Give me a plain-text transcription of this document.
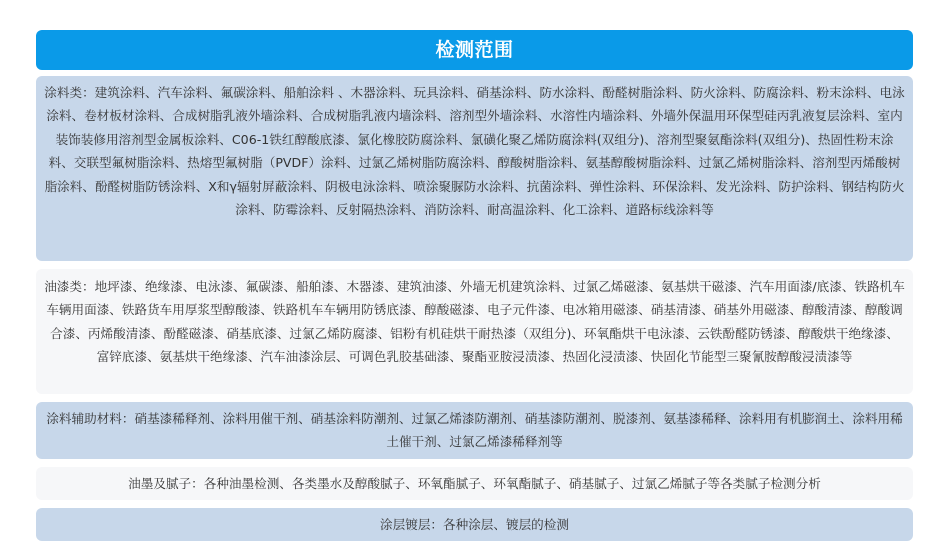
检测范围
涂料类：建筑涂料、汽车涂料、氟碳涂料、船舶涂料 、木器涂料、玩具涂料、硝基涂料、防水涂料、酚醛树脂涂料、防火涂料、防腐涂料、粉末涂料、电泳涂料、卷材板材涂料、合成树脂乳液外墙涂料、合成树脂乳液内墙涂料、溶剂型外墙涂料、水溶性内墙涂料、外墙外保温用环保型硅丙乳液复层涂料、室内装饰装修用溶剂型金属板涂料、C06-1铁红醇酸底漆、氯化橡胶防腐涂料、氯磺化聚乙烯防腐涂料(双组分)、溶剂型聚氨酯涂料(双组分)、热固性粉末涂料、交联型氟树脂涂料、热熔型氟树脂（PVDF）涂料、过氯乙烯树脂防腐涂料、醇酸树脂涂料、氨基醇酸树脂涂料、过氯乙烯树脂涂料、溶剂型丙烯酸树脂涂料、酚醛树脂防锈涂料、X和γ辐射屏蔽涂料、阴极电泳涂料、喷涂聚脲防水涂料、抗菌涂料、弹性涂料、环保涂料、发光涂料、防护涂料、钢结构防火涂料、防霉涂料、反射隔热涂料、消防涂料、耐高温涂料、化工涂料、道路标线涂料等
油漆类：地坪漆、绝缘漆、电泳漆、氟碳漆、船舶漆、木器漆、建筑油漆、外墙无机建筑涂料、过氯乙烯磁漆、氨基烘干磁漆、汽车用面漆/底漆、铁路机车车辆用面漆、铁路货车用厚浆型醇酸漆、铁路机车车辆用防锈底漆、醇酸磁漆、电子元件漆、电冰箱用磁漆、硝基清漆、硝基外用磁漆、醇酸清漆、醇酸调合漆、丙烯酸清漆、酚醛磁漆、硝基底漆、过氯乙烯防腐漆、铝粉有机硅烘干耐热漆（双组分)、环氧酯烘干电泳漆、云铁酚醛防锈漆、醇酸烘干绝缘漆、富锌底漆、氨基烘干绝缘漆、汽车油漆涂层、可调色乳胶基础漆、聚酯亚胺浸渍漆、热固化浸渍漆、快固化节能型三聚氰胺醇酸浸渍漆等
涂料辅助材料：硝基漆稀释剂、涂料用催干剂、硝基涂料防潮剂、过氯乙烯漆防潮剂、硝基漆防潮剂、脱漆剂、氨基漆稀释、涂料用有机膨润土、涂料用稀土催干剂、过氯乙烯漆稀释剂等
油墨及腻子：各种油墨检测、各类墨水及醇酸腻子、环氧酯腻子、环氧酯腻子、硝基腻子、过氯乙烯腻子等各类腻子检测分析
涂层镀层：各种涂层、镀层的检测
